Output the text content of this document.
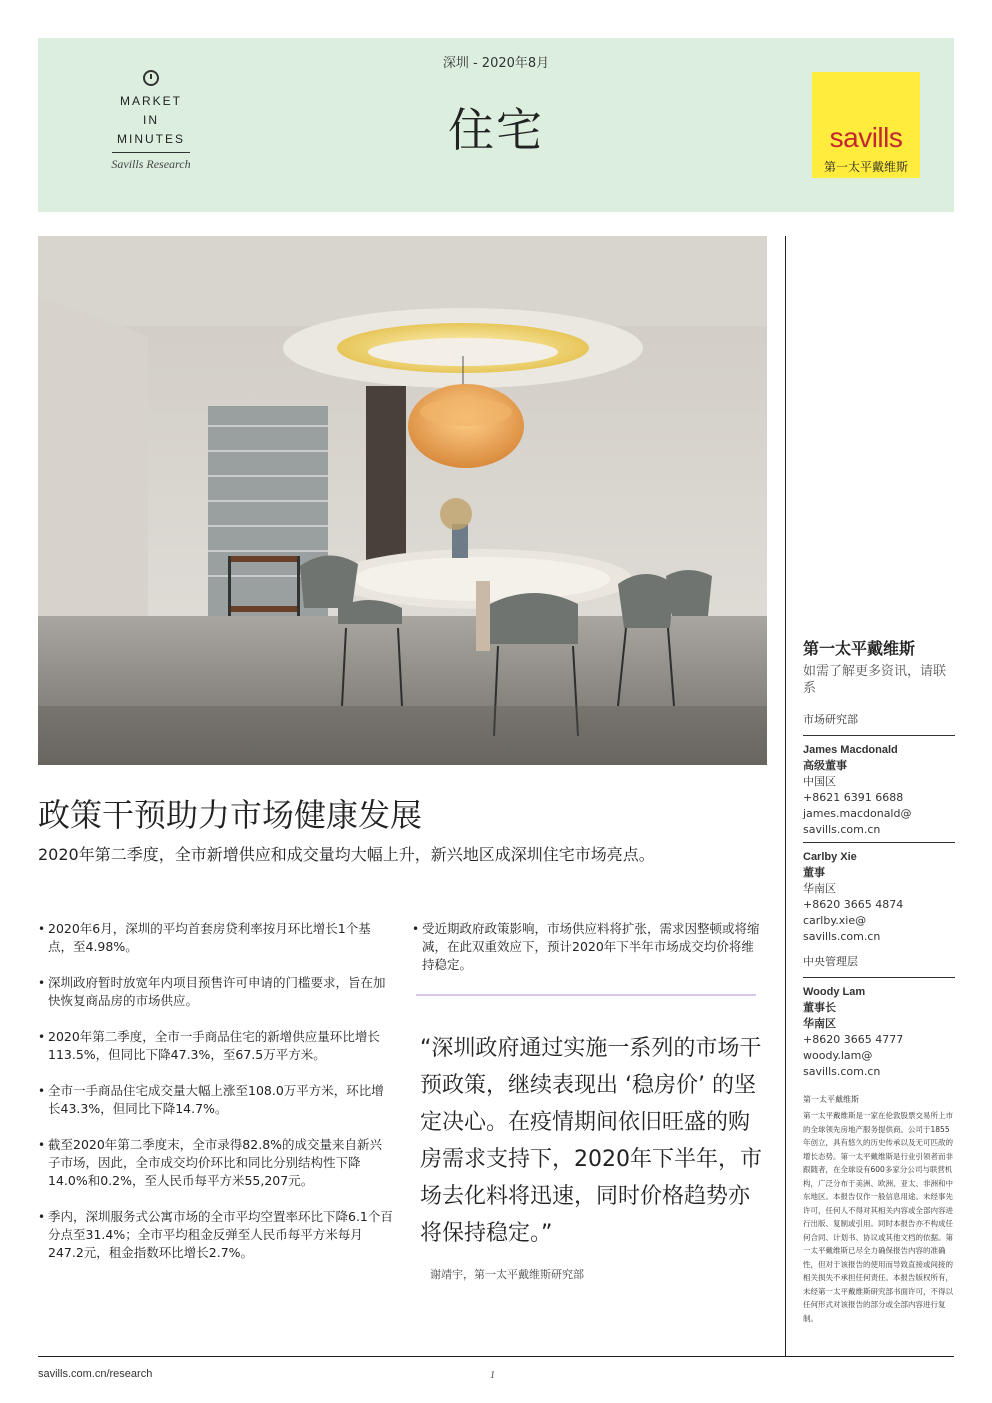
MARKET
IN
MINUTES
Savills Research
深圳 - 2020年8月
住宅	savills
第一太平戴维斯
第一太平戴维斯
如需了解更多资讯，请联系
市场研究部
James Macdonald
高级董事
中国区
+8621 6391 6688
james.macdonald@
savills.com.cn
Carlby Xie
董事
华南区
+8620 3665 4874
carlby.xie@
savills.com.cn
中央管理层
Woody Lam
董事长
华南区
+8620 3665 4777
woody.lam@
savills.com.cn
第一太平戴维斯
第一太平戴维斯是一家在伦敦股票交易所上市的全球领先房地产服务提供商。公司于1855年创立，具有悠久的历史传承以及无可匹敌的增长态势。第一太平戴维斯是行业引领者而非跟随者，在全球设有600多家分公司与联营机构，广泛分布于美洲、欧洲、亚太、非洲和中东地区。本报告仅作一般信息用途。未经事先许可，任何人不得对其相关内容或全部内容进行出版、复制或引用。同时本报告亦不构成任何合同、计划书、协议或其他文档的依据。第一太平戴维斯已尽全力确保报告内容的准确性，但对于该报告的使用而导致直接或间接的相关损失不承担任何责任。本报告版权所有，未经第一太平戴维斯研究部书面许可，不得以任何形式对该报告的部分或全部内容进行复制。
政策干预助力市场健康发展
2020年第二季度，全市新增供应和成交量均大幅上升，新兴地区成深圳住宅市场亮点。
• 2020年6月，深圳的平均首套房贷利率按月环比增长1个基点，至4.98%。
• 深圳政府暂时放宽年内项目预售许可申请的门槛要求，旨在加快恢复商品房的市场供应。
• 2020年第二季度，全市一手商品住宅的新增供应量环比增长113.5%，但同比下降47.3%，至67.5万平方米。
• 全市一手商品住宅成交量大幅上涨至108.0万平方米，环比增长43.3%，但同比下降14.7%。
• 截至2020年第二季度末，全市录得82.8%的成交量来自新兴子市场，因此，全市成交均价环比和同比分别结构性下降14.0%和0.2%，至人民币每平方米55,207元。
• 季内，深圳服务式公寓市场的全市平均空置率环比下降6.1个百分点至31.4%；全市平均租金反弹至人民币每平方米每月247.2元，租金指数环比增长2.7%。
• 受近期政府政策影响，市场供应料将扩张，需求因整顿或将缩减，在此双重效应下，预计2020年下半年市场成交均价将维持稳定。
“深圳政府通过实施一系列的市场干预政策，继续表现出 ‘稳房价’ 的坚定决心。在疫情期间依旧旺盛的购房需求支持下，2020年下半年，市场去化料将迅速，同时价格趋势亦将保持稳定。”
谢靖宇，第一太平戴维斯研究部
savills.com.cn/research	1
